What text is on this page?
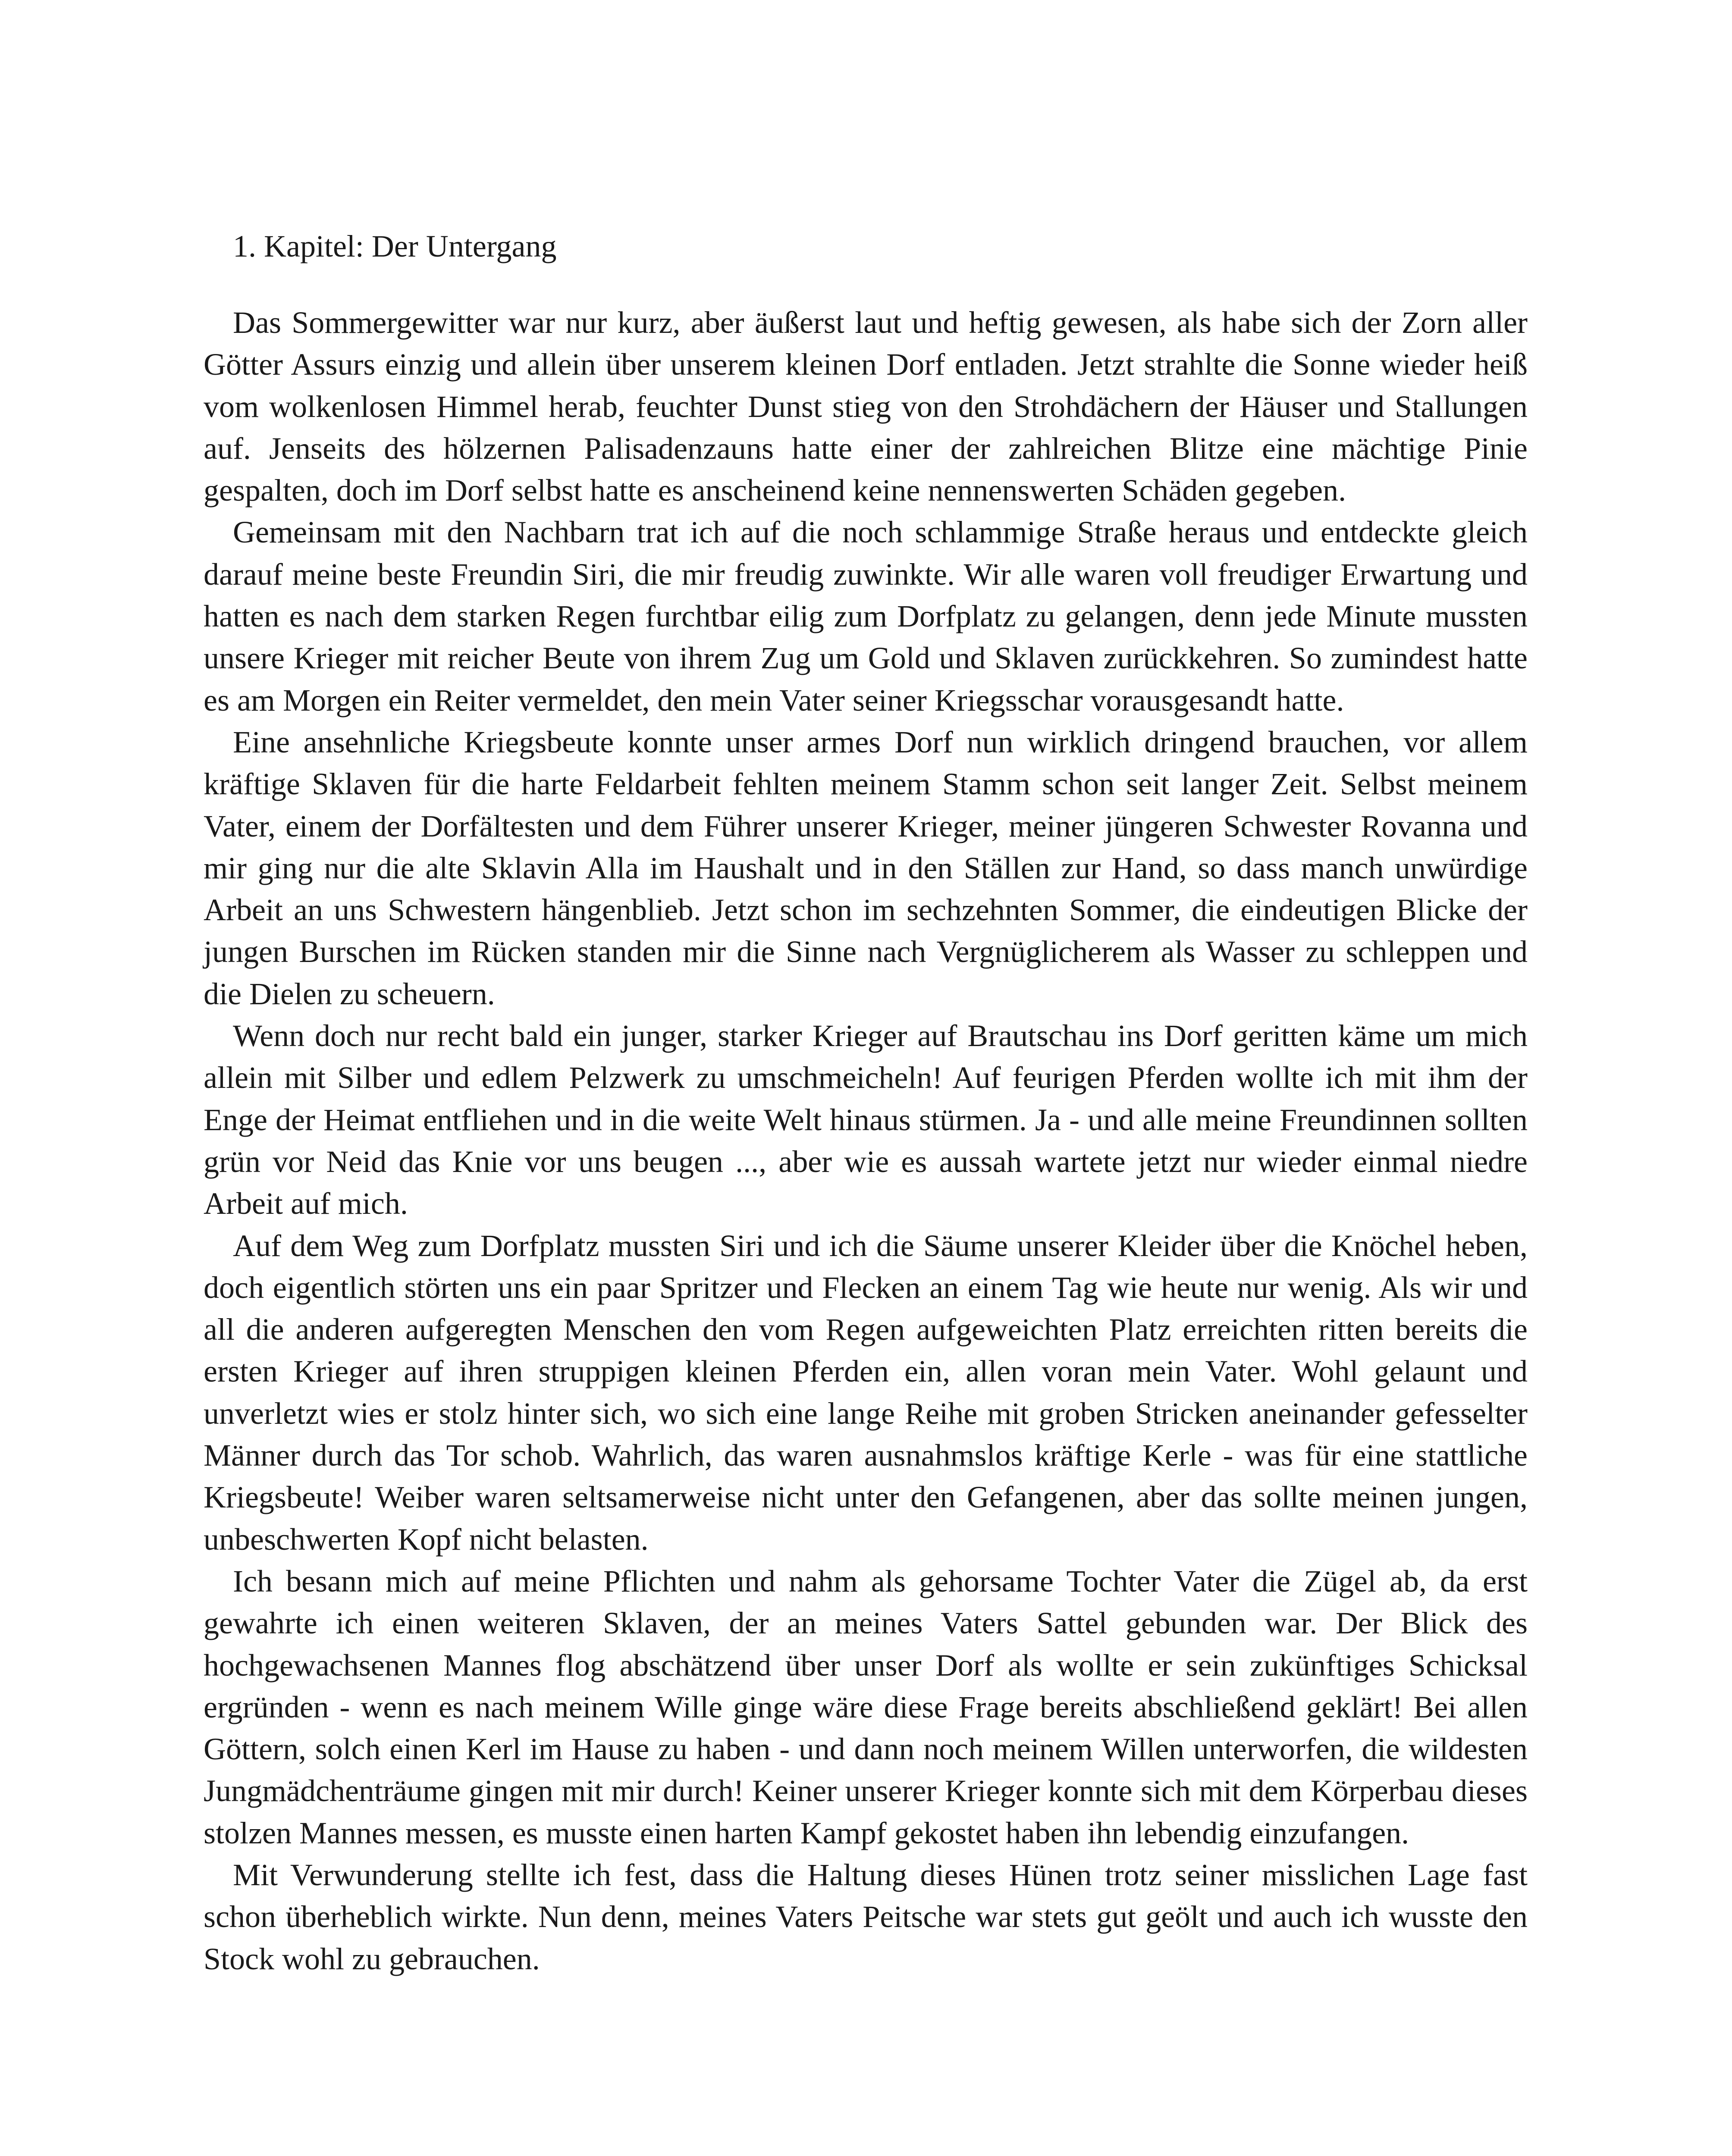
1. Kapitel: Der Untergang

Das Sommergewitter war nur kurz, aber äußerst laut und heftig gewesen, als habe sich der Zorn aller Götter Assurs einzig und allein über unserem kleinen Dorf entladen. Jetzt strahlte die Sonne wieder heiß vom wolkenlosen Himmel herab, feuchter Dunst stieg von den Strohdächern der Häuser und Stallungen auf. Jenseits des hölzernen Palisadenzauns hatte einer der zahlreichen Blitze eine mächtige Pinie gespalten, doch im Dorf selbst hatte es anscheinend keine nennenswerten Schäden gegeben.

Gemeinsam mit den Nachbarn trat ich auf die noch schlammige Straße heraus und entdeckte gleich darauf meine beste Freundin Siri, die mir freudig zuwinkte. Wir alle waren voll freudiger Erwartung und hatten es nach dem starken Regen furchtbar eilig zum Dorfplatz zu gelangen, denn jede Minute mussten unsere Krieger mit reicher Beute von ihrem Zug um Gold und Sklaven zurückkehren. So zumindest hatte es am Morgen ein Reiter vermeldet, den mein Vater seiner Kriegsschar vorausgesandt hatte.

Eine ansehnliche Kriegsbeute konnte unser armes Dorf nun wirklich dringend brauchen, vor allem kräftige Sklaven für die harte Feldarbeit fehlten meinem Stamm schon seit langer Zeit. Selbst meinem Vater, einem der Dorfältesten und dem Führer unserer Krieger, meiner jüngeren Schwester Rovanna und mir ging nur die alte Sklavin Alla im Haushalt und in den Ställen zur Hand, so dass manch unwürdige Arbeit an uns Schwestern hängenblieb. Jetzt schon im sechzehnten Sommer, die eindeutigen Blicke der jungen Burschen im Rücken standen mir die Sinne nach Vergnüglicherem als Wasser zu schleppen und die Dielen zu scheuern.

Wenn doch nur recht bald ein junger, starker Krieger auf Brautschau ins Dorf geritten käme um mich allein mit Silber und edlem Pelzwerk zu umschmeicheln! Auf feurigen Pferden wollte ich mit ihm der Enge der Heimat entfliehen und in die weite Welt hinaus stürmen. Ja - und alle meine Freundinnen sollten grün vor Neid das Knie vor uns beugen ..., aber wie es aussah wartete jetzt nur wieder einmal niedre Arbeit auf mich.

Auf dem Weg zum Dorfplatz mussten Siri und ich die Säume unserer Kleider über die Knöchel heben, doch eigentlich störten uns ein paar Spritzer und Flecken an einem Tag wie heute nur wenig. Als wir und all die anderen aufgeregten Menschen den vom Regen aufgeweichten Platz erreichten ritten bereits die ersten Krieger auf ihren struppigen kleinen Pferden ein, allen voran mein Vater. Wohl gelaunt und unverletzt wies er stolz hinter sich, wo sich eine lange Reihe mit groben Stricken aneinander gefesselter Männer durch das Tor schob. Wahrlich, das waren ausnahmslos kräftige Kerle - was für eine stattliche Kriegsbeute! Weiber waren seltsamerweise nicht unter den Gefangenen, aber das sollte meinen jungen, unbeschwerten Kopf nicht belasten.

Ich besann mich auf meine Pflichten und nahm als gehorsame Tochter Vater die Zügel ab, da erst gewahrte ich einen weiteren Sklaven, der an meines Vaters Sattel gebunden war. Der Blick des hochgewachsenen Mannes flog abschätzend über unser Dorf als wollte er sein zukünftiges Schicksal ergründen - wenn es nach meinem Wille ginge wäre diese Frage bereits abschließend geklärt! Bei allen Göttern, solch einen Kerl im Hause zu haben - und dann noch meinem Willen unterworfen, die wildesten Jungmädchenträume gingen mit mir durch! Keiner unserer Krieger konnte sich mit dem Körperbau dieses stolzen Mannes messen, es musste einen harten Kampf gekostet haben ihn lebendig einzufangen.

Mit Verwunderung stellte ich fest, dass die Haltung dieses Hünen trotz seiner misslichen Lage fast schon überheblich wirkte. Nun denn, meines Vaters Peitsche war stets gut geölt und auch ich wusste den Stock wohl zu gebrauchen.
